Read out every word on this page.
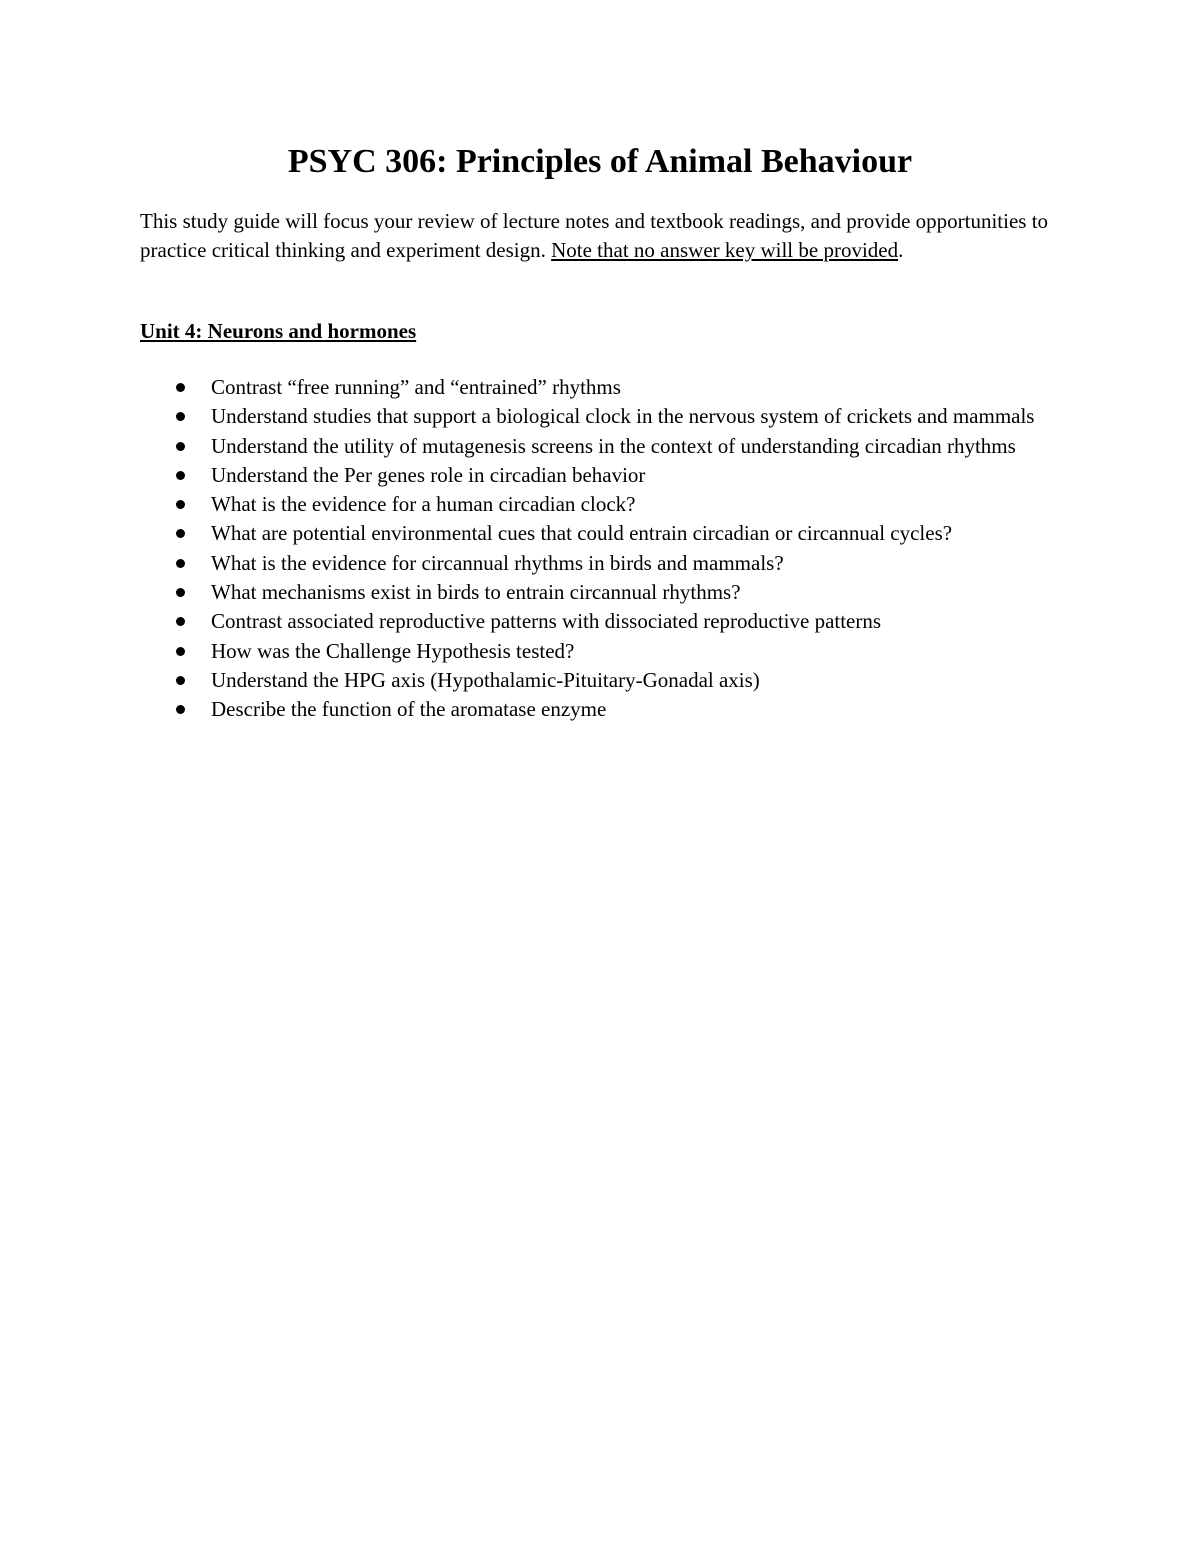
PSYC 306: Principles of Animal Behaviour

This study guide will focus your review of lecture notes and textbook readings, and provide opportunities to practice critical thinking and experiment design. Note that no answer key will be provided.

Unit 4: Neurons and hormones

Contrast “free running” and “entrained” rhythms
Understand studies that support a biological clock in the nervous system of crickets and mammals
Understand the utility of mutagenesis screens in the context of understanding circadian rhythms
Understand the Per genes role in circadian behavior
What is the evidence for a human circadian clock?
What are potential environmental cues that could entrain circadian or circannual cycles?
What is the evidence for circannual rhythms in birds and mammals?
What mechanisms exist in birds to entrain circannual rhythms?
Contrast associated reproductive patterns with dissociated reproductive patterns
How was the Challenge Hypothesis tested?
Understand the HPG axis (Hypothalamic-Pituitary-Gonadal axis)
Describe the function of the aromatase enzyme
